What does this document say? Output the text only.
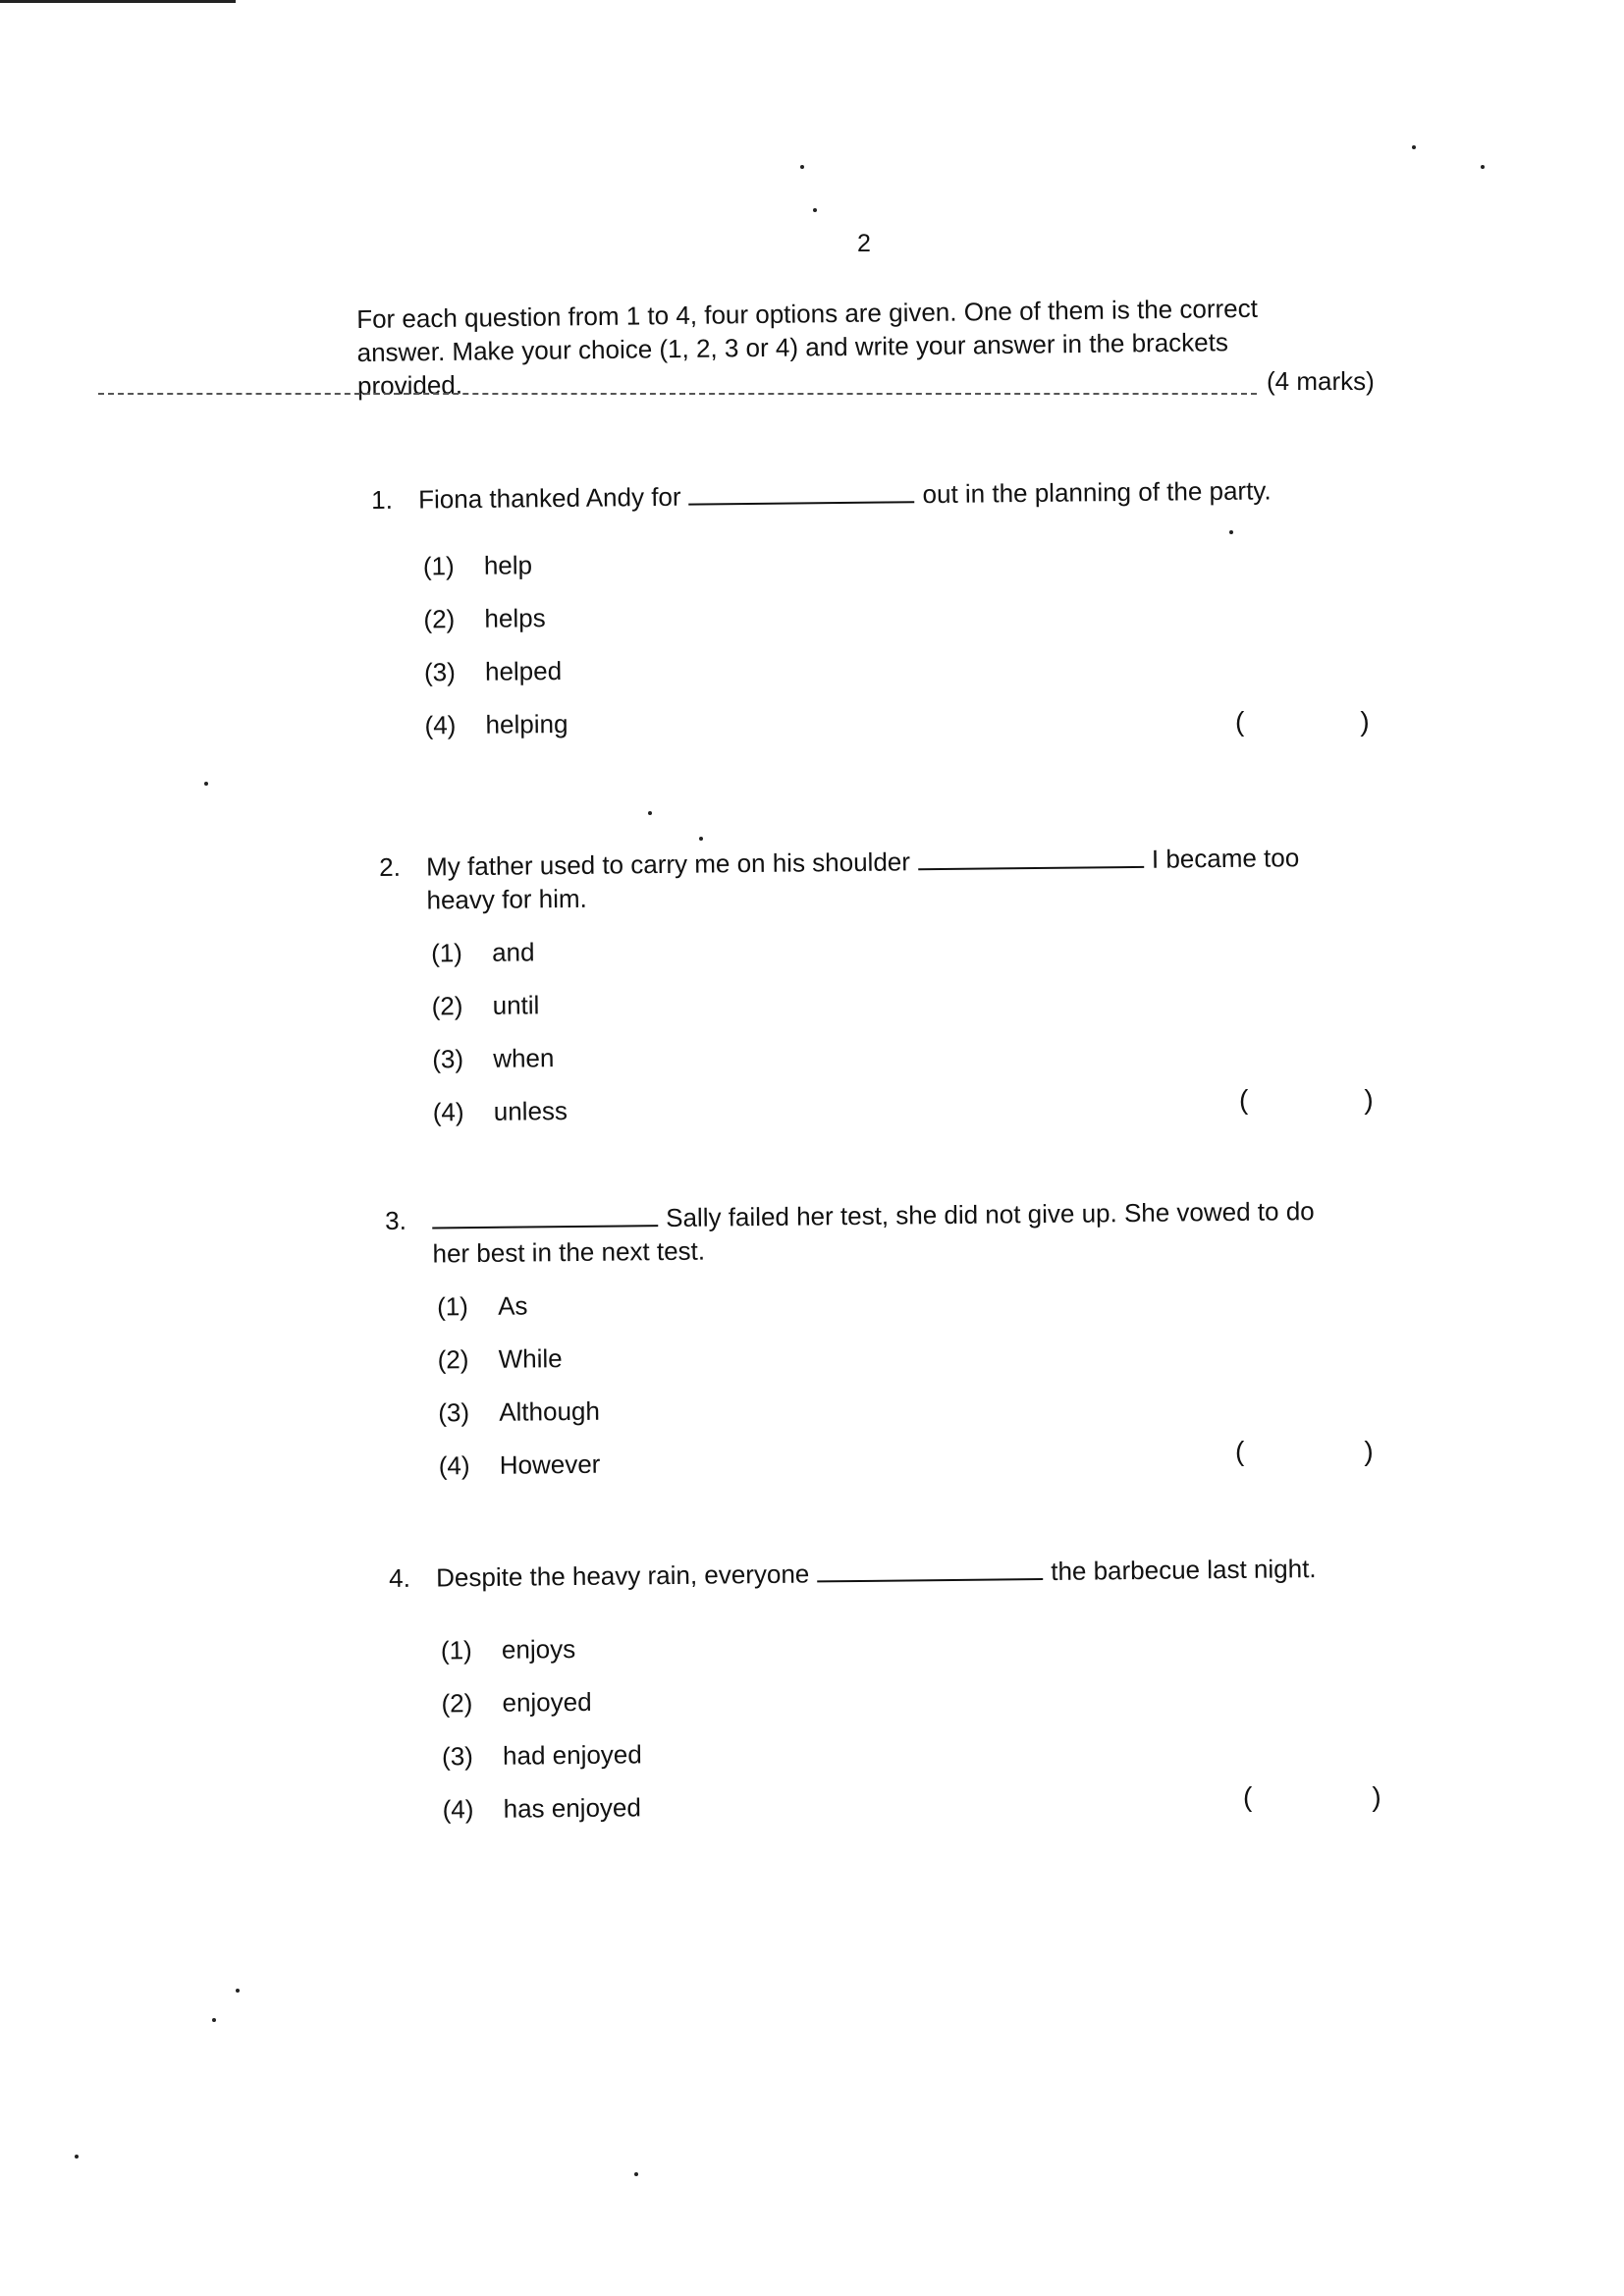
2
For each question from 1 to 4, four options are given. One of them is the correct
answer. Make your choice (1, 2, 3 or 4) and write your answer in the brackets
provided.	(4 marks)
1. Fiona thanked Andy for	out in the planning of the party.
(1) help
(2) helps
(3) helped
(4) helping	(	)
2. My father used to carry me on his shoulder	I became too
heavy for him.
(1) and
(2) until
(3) when
(4) unless	(	)
3.	Sally failed her test, she did not give up. She vowed to do
her best in the next test.
(1) As
(2) While
(3) Although
(4) However	(	)
4. Despite the heavy rain, everyone	the barbecue last night.
(1) enjoys
(2) enjoyed
(3) had enjoyed
(4) has enjoyed	(	)
